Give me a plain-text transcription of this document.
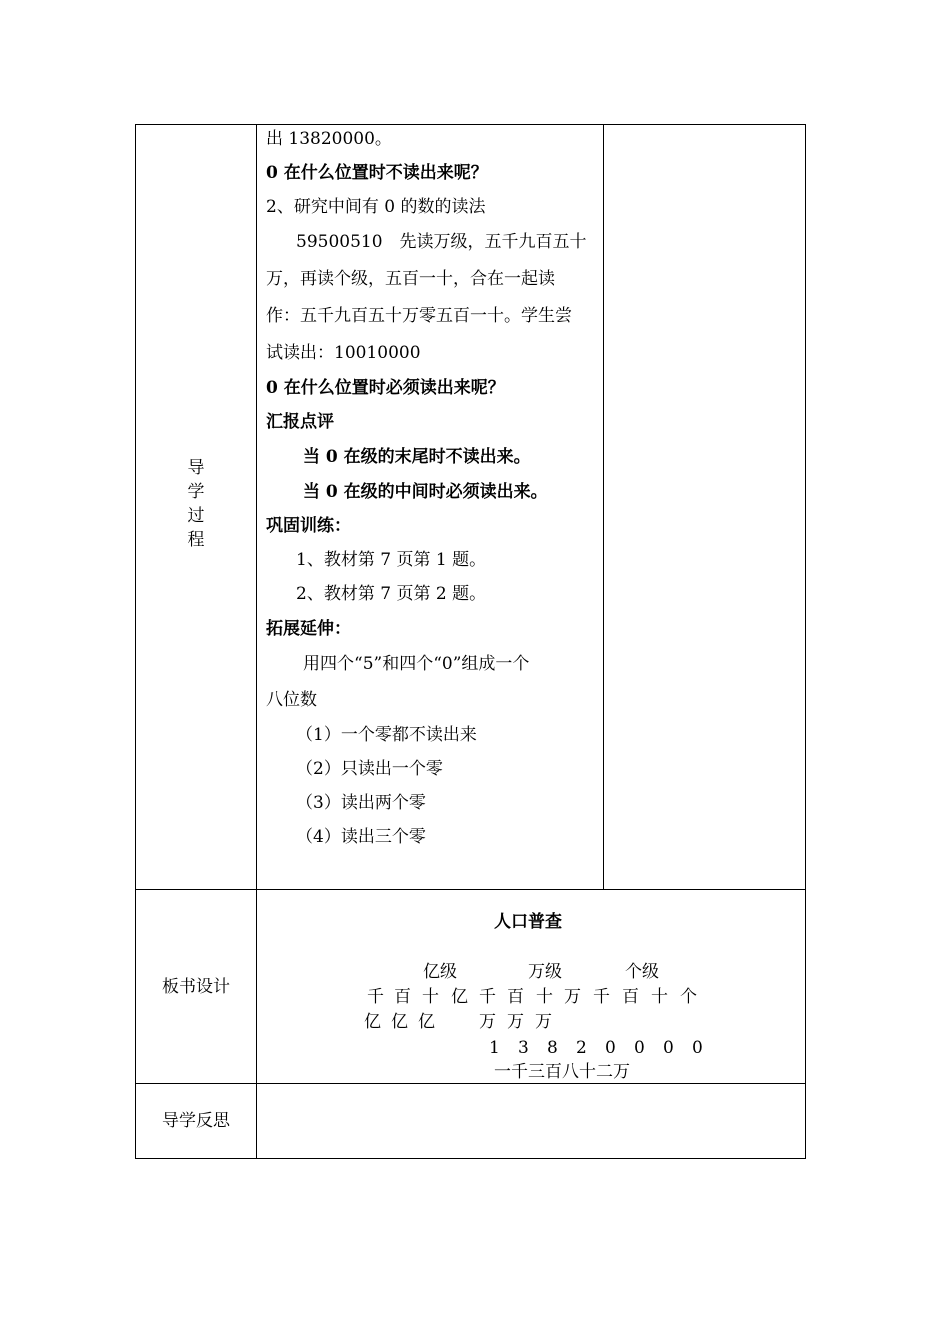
导
学
过
程
出 13820000。
0 在什么位置时不读出来呢？
2、研究中间有 0 的数的读法
59500510　先读万级，五千九百五十
万，再读个级，五百一十，合在一起读
作：五千九百五十万零五百一十。学生尝
试读出：10010000
0 在什么位置时必须读出来呢？
汇报点评
当 0 在级的末尾时不读出来。
当 0 在级的中间时必须读出来。
巩固训练：
1、教材第 7 页第 1 题。
2、教材第 7 页第 2 题。
拓展延伸：
用四个“5”和四个“0”组成一个
八位数
（1）一个零都不读出来
（2）只读出一个零
（3）读出两个零
（4）读出三个零
板书设计
人口普查
亿级	万级	个级
千 百 十 亿 千 百 十 万 千 百 十 个
亿 亿 亿	万 万 万
1 3 8 2 0 0 0 0
一千三百八十二万
导学反思
